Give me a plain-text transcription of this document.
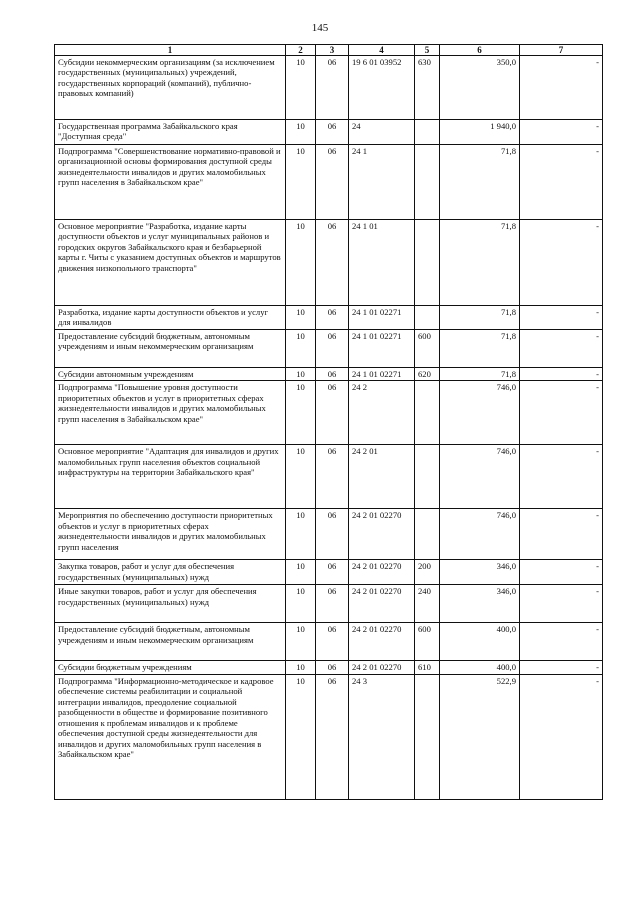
145
1	2	3	4	5	6	7
Субсидии некоммерческим организациям (за исключением государственных (муниципальных) учреждений, государственных корпораций (компаний), публично-правовых компаний)	10	06	19 6 01 03952	630	350,0	-
Государственная программа Забайкальского края "Доступная среда"	10	06	24		1 940,0	-
Подпрограмма "Совершенствование нормативно-правовой и организационной основы формирования доступной среды жизнедеятельности инвалидов и других маломобильных групп населения в Забайкальском крае"	10	06	24 1		71,8	-
Основное мероприятие "Разработка, издание карты доступности объектов и услуг муниципальных районов и городских округов Забайкальского края и безбарьерной карты г. Читы с указанием доступных объектов и маршрутов движения низкопольного транспорта"	10	06	24 1 01		71,8	-
Разработка, издание карты доступности объектов и услуг для инвалидов	10	06	24 1 01 02271		71,8	-
Предоставление субсидий бюджетным, автономным учреждениям и иным некоммерческим организациям	10	06	24 1 01 02271	600	71,8	-
Субсидии автономным учреждениям	10	06	24 1 01 02271	620	71,8	-
Подпрограмма "Повышение уровня доступности приоритетных объектов и услуг в приоритетных сферах жизнедеятельности инвалидов и других маломобильных групп населения в Забайкальском крае"	10	06	24 2		746,0	-
Основное мероприятие "Адаптация для инвалидов и других маломобильных групп населения объектов социальной инфраструктуры на территории Забайкальского края"	10	06	24 2 01		746,0	-
Мероприятия по обеспечению доступности приоритетных объектов и услуг в приоритетных сферах жизнедеятельности инвалидов и других маломобильных групп населения	10	06	24 2 01 02270		746,0	-
Закупка товаров, работ и услуг для обеспечения государственных (муниципальных) нужд	10	06	24 2 01 02270	200	346,0	-
Иные закупки товаров, работ и услуг для обеспечения государственных (муниципальных) нужд	10	06	24 2 01 02270	240	346,0	-
Предоставление субсидий бюджетным, автономным учреждениям и иным некоммерческим организациям	10	06	24 2 01 02270	600	400,0	-
Субсидии бюджетным учреждениям	10	06	24 2 01 02270	610	400,0	-
Подпрограмма "Информационно-методическое и кадровое обеспечение системы реабилитации и социальной интеграции инвалидов, преодоление социальной разобщенности в обществе и формирование позитивного отношения к проблемам инвалидов и к проблеме обеспечения доступной среды жизнедеятельности для инвалидов и других маломобильных групп населения в Забайкальском крае"	10	06	24 3		522,9	-
